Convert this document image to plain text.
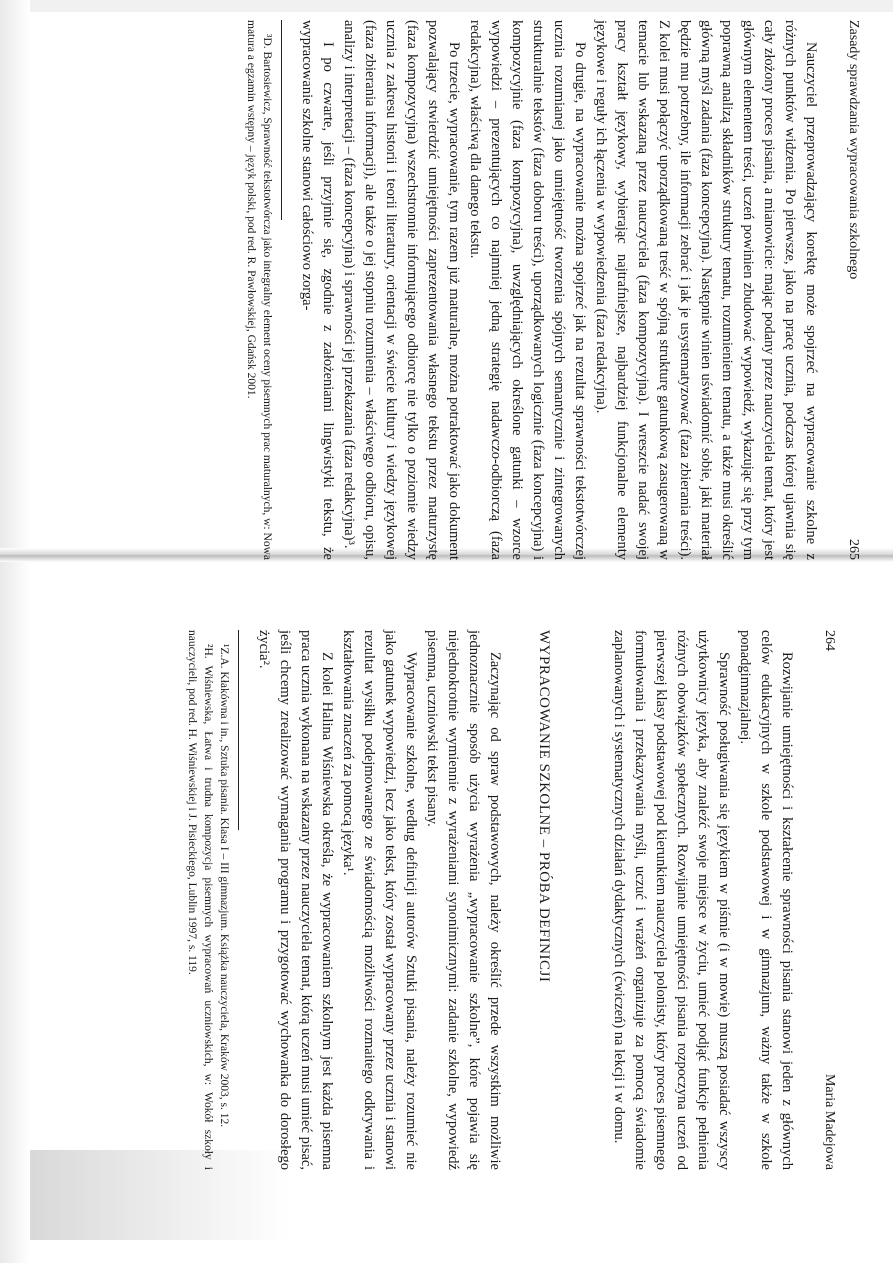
Zasady sprawdzania wypracowania szkolnego
265

Nauczyciel przeprowadzający korektę może spojrzeć na wypracowanie szkolne z różnych punktów widzenia. Po pierwsze, jako na pracę ucznia, podczas której ujawnia się cały złożony proces pisania, a mianowicie: mając podany przez nauczyciela temat, który jest głównym elementem treści, uczeń powinien zbudować wypowiedź, wykazując się przy tym poprawną analizą składników struktury tematu, rozumieniem tematu, a także musi określić główną myśl zadania (faza koncepcyjna). Następnie winien uświadomić sobie, jaki materiał będzie mu potrzebny, ile informacji zebrać i jak je usystematyzować (faza zbierania treści). Z kolei musi połączyć uporządkowaną treść w spójną strukturę gatunkową zasugerowaną w temacie lub wskazaną przez nauczyciela (faza kompozycyjna). I wreszcie nadać swojej pracy kształt językowy, wybierając najtrafniejsze, najbardziej funkcjonalne elementy językowe i reguły ich łączenia w wypowiedzenia (faza redakcyjna).

Po drugie, na wypracowanie można spojrzeć jak na rezultat sprawności tekstotwórczej ucznia rozumianej jako umiejętność tworzenia spójnych semantycznie i zintegrowanych strukturalnie tekstów (faza doboru treści), uporządkowanych logicznie (faza koncepcyjna) i kompozycyjnie (faza kompozycyjna), uwzględniających określone gatunki – wzorce wypowiedzi – prezentujących co najmniej jedną strategię nadawczo-odbiorczą (faza redakcyjna), właściwą dla danego tekstu.

Po trzecie, wypracowanie, tym razem już maturalne, można potraktować jako dokument pozwalający stwierdzić umiejętności zaprezentowania własnego tekstu przez maturzystę (faza kompozycyjna) wszechstronnie informującego odbiorcę nie tylko o poziomie wiedzy ucznia z zakresu historii i teorii literatury, orientacji w świecie kultury i wiedzy językowej (faza zbierania informacji), ale także o jej stopniu rozumienia – właściwego odbioru, opisu, analizy i interpretacji – (faza koncepcyjna) i sprawności jej przekazania (faza redakcyjna)³.

I po czwarte, jeśli przyjmie się, zgodnie z założeniami lingwistyki tekstu, że wypracowanie szkolne stanowi całościowo zorga-

³D. Bartosiewicz, Sprawność tekstotwórcza jako integralny element oceny pisemnych prac maturalnych, w: Nowa matura a egzamin wstępny – język polski, pod red. R. Pawłowskiej, Gdańsk 2001.

264
Maria Madejowa

Rozwijanie umiejętności i kształcenie sprawności pisania stanowi jeden z głównych celów edukacyjnych w szkole podstawowej i w gimnazjum, ważny także w szkole ponadgimnazjalnej.

Sprawność posługiwania się językiem w piśmie (i w mowie) muszą posiadać wszyscy użytkownicy języka, aby znaleźć swoje miejsce w życiu, umieć podjąć funkcje pełnienia różnych obowiązków społecznych. Rozwijanie umiejętności pisania rozpoczyna uczeń od pierwszej klasy podstawowej pod kierunkiem nauczyciela polonisty, który proces pisemnego formułowania i przekazywania myśli, uczuć i wrażeń organizuje za pomocą świadomie zaplanowanych i systematycznych działań dydaktycznych (ćwiczeń) na lekcji i w domu.

WYPRACOWANIE SZKOLNE – PRÓBA DEFINICJI

Zaczynając od spraw podstawowych, należy określić przede wszystkim możliwie jednoznacznie sposób użycia wyrażenia „wypracowanie szkolne”, które pojawia się niejednokrotnie wymiennie z wyrażeniami synonimicznymi: zadanie szkolne, wypowiedź pisemna, uczniowski tekst pisany.

Wypracowanie szkolne, według definicji autorów Sztuki pisania, należy rozumieć nie jako gatunek wypowiedzi, lecz jako tekst, który został wypracowany przez ucznia i stanowi rezultat wysiłku podejmowanego ze świadomością możliwości rozmaitego odkrywania i kształtowania znaczeń za pomocą języka¹.

Z kolei Halina Wiśniewska określa, że wypracowaniem szkolnym jest każda pisemna praca ucznia wykonana na wskazany przez nauczyciela temat, którą uczeń musi umieć pisać, jeśli chcemy zrealizować wymagania programu i przygotować wychowanka do dorosłego życia².

¹Z.A. Kłakówna i in., Sztuka pisania. Klasa I – III gimnazjum. Książka nauczyciela, Kraków 2003, s. 12.

²H. Wiśniewska, Łatwa i trudna kompozycja pisemnych wypracowań uczniowskich, w: Wokół szkoły i nauczycieli, pod red. H. Wiśniewskiej i J. Pisieckiego, Lublin 1997, s. 119.
